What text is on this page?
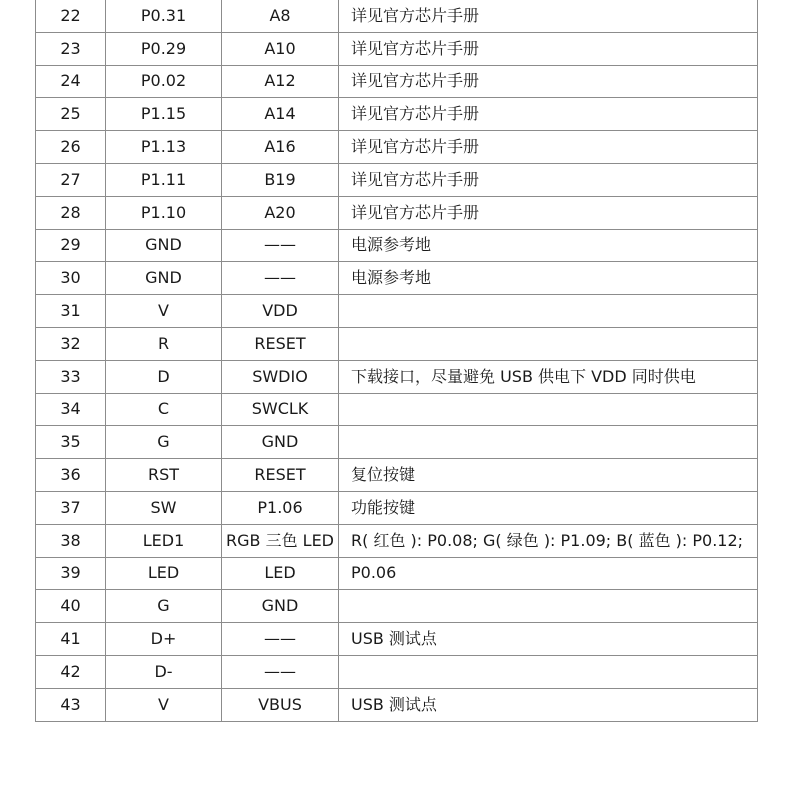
22	P0.31	A8	详见官方芯片手册
23	P0.29	A10	详见官方芯片手册
24	P0.02	A12	详见官方芯片手册
25	P1.15	A14	详见官方芯片手册
26	P1.13	A16	详见官方芯片手册
27	P1.11	B19	详见官方芯片手册
28	P1.10	A20	详见官方芯片手册
29	GND	——	电源参考地
30	GND	——	电源参考地
31	V	VDD	
32	R	RESET	
33	D	SWDIO	下载接口，尽量避免 USB 供电下 VDD 同时供电
34	C	SWCLK	
35	G	GND	
36	RST	RESET	复位按键
37	SW	P1.06	功能按键
38	LED1	RGB 三色 LED	R( 红色 ): P0.08; G( 绿色 ): P1.09; B( 蓝色 ): P0.12;
39	LED	LED	P0.06
40	G	GND	
41	D+	——	USB 测试点
42	D-	——	
43	V	VBUS	USB 测试点
